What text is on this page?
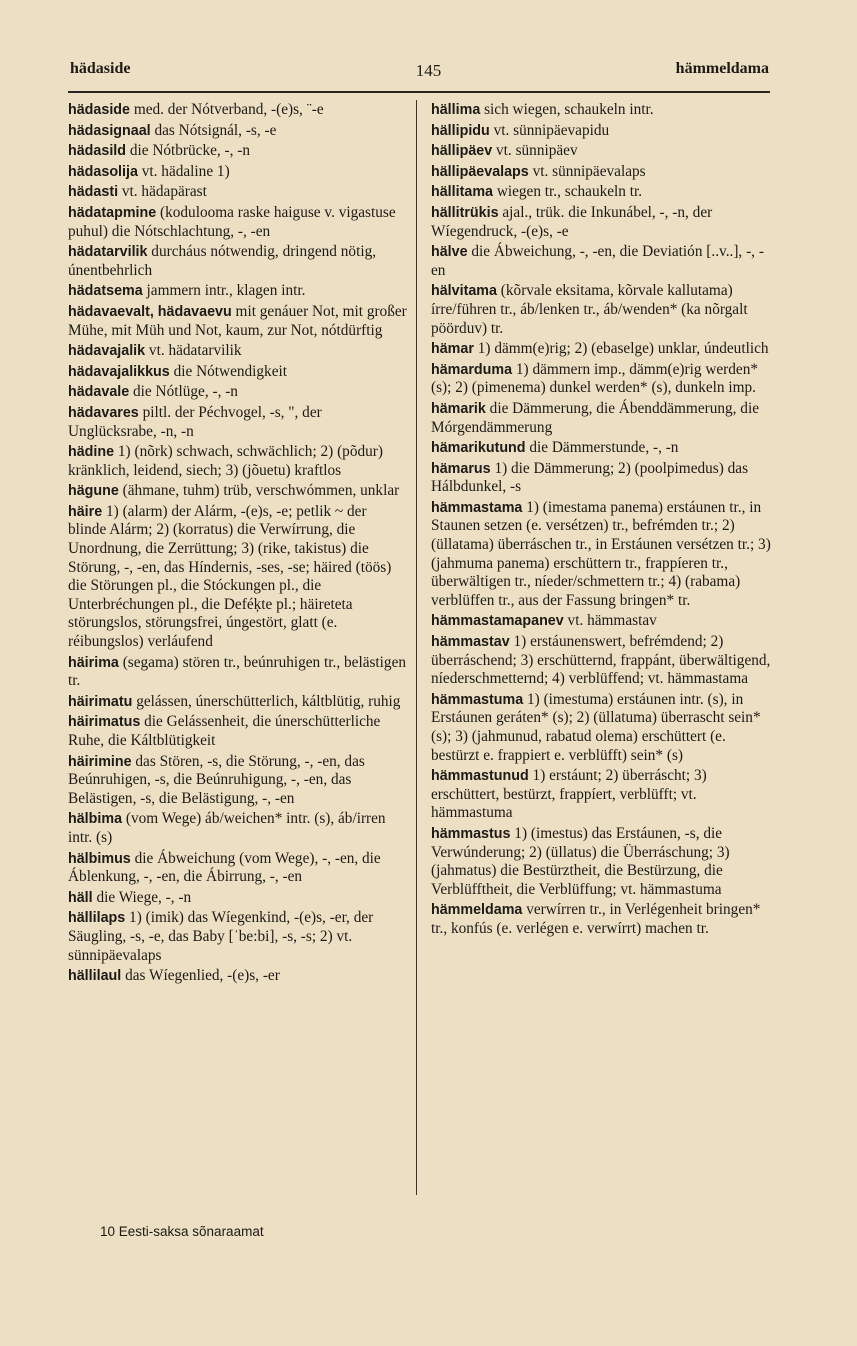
hädaside	145	hämmeldama
hädaside med. der Nótverband, -(e)s, ¨-e
hädasignaal das Nótsignál, -s, -e
hädasild die Nótbrücke, -, -n
hädasolija vt. hädaline 1)
hädasti vt. hädapärast
hädatapmine (kodulooma raske haiguse v. vigastuse puhul) die Nótschlachtung, -, -en
hädatarvilik durcháus nótwendig, dringend nötig, únentbehrlich
hädatsema jammern intr., klagen intr.
hädavaevalt, hädavaevu mit genáuer Not, mit großer Mühe, mit Müh und Not, kaum, zur Not, nótdürftig
hädavajalik vt. hädatarvilik
hädavajalikkus die Nótwendigkeit
hädavale die Nótlüge, -, -n
hädavares piltl. der Péchvogel, -s, ", der Unglücksrabe, -n, -n
hädine 1) (nõrk) schwach, schwächlich; 2) (põdur) kränklich, leidend, siech; 3) (jõuetu) kraftlos
hägune (ähmane, tuhm) trüb, verschwómmen, unklar
häire 1) (alarm) der Alárm, -(e)s, -e; petlik ~ der blinde Alárm; 2) (korratus) die Verwírrung, die Unordnung, die Zerrüttung; 3) (rike, takistus) die Störung, -, -en, das Híndernis, -ses, -se; häired (töös) die Störungen pl., die Stóckungen pl., die Unterbréchungen pl., die Deféķte pl.; häireteta störungslos, störungsfrei, úngestört, glatt (e. réibungslos) verláufend
häirima (segama) stören tr., beúnruhigen tr., belästigen tr.
häirimatu gelássen, únerschütterlich, káltblütig, ruhig
häirimatus die Gelássenheit, die únerschütterliche Ruhe, die Káltblütigkeit
häirimine das Stören, -s, die Störung, -, -en, das Beúnruhigen, -s, die Beúnruhigung, -, -en, das Belästigen, -s, die Belästigung, -, -en
hälbima (vom Wege) áb/weichen* intr. (s), áb/irren intr. (s)
hälbimus die Ábweichung (vom Wege), -, -en, die Áblenkung, -, -en, die Ábirrung, -, -en
häll die Wiege, -, -n
hällilaps 1) (imik) das Wíegenkind, -(e)s, -er, der Säugling, -s, -e, das Baby [ˈbe:bi], -s, -s; 2) vt. sünnipäevalaps
hällilaul das Wíegenlied, -(e)s, -er
hällima sich wiegen, schaukeln intr.
hällipidu vt. sünnipäevapidu
hällipäev vt. sünnipäev
hällipäevalaps vt. sünnipäevalaps
hällitama wiegen tr., schaukeln tr.
hällitrükis ajal., trük. die Inkunábel, -, -n, der Wíegendruck, -(e)s, -e
hälve die Ábweichung, -, -en, die Deviatión [..v..], -, -en
hälvitama (kõrvale eksitama, kõrvale kallutama) írre/führen tr., áb/lenken tr., áb/wenden* (ka nõrgalt pöörduv) tr.
hämar 1) dämm(e)rig; 2) (ebaselge) unklar, úndeutlich
hämarduma 1) dämmern imp., dämm(e)rig werden* (s); 2) (pimenema) dunkel werden* (s), dunkeln imp.
hämarik die Dämmerung, die Ábenddämmerung, die Mórgendämmerung
hämarikutund die Dämmerstunde, -, -n
hämarus 1) die Dämmerung; 2) (poolpimedus) das Hálbdunkel, -s
hämmastama 1) (imestama panema) erstáunen tr., in Staunen setzen (e. versétzen) tr., befrémden tr.; 2) (üllatama) überráschen tr., in Erstáunen versétzen tr.; 3) (jahmuma panema) erschüttern tr., frappíeren tr., überwältigen tr., níeder/schmettern tr.; 4) (rabama) verblüffen tr., aus der Fassung bringen* tr.
hämmastamapanev vt. hämmastav
hämmastav 1) erstáunenswert, befrémdend; 2) überráschend; 3) erschütternd, frappánt, überwältigend, níederschmetternd; 4) verblüffend; vt. hämmastama
hämmastuma 1) (imestuma) erstáunen intr. (s), in Erstáunen geráten* (s); 2) (üllatuma) überrascht sein* (s); 3) (jahmunud, rabatud olema) erschüttert (e. bestürzt e. frappiert e. verblüfft) sein* (s)
hämmastunud 1) erstáunt; 2) überráscht; 3) erschüttert, bestürzt, frappíert, verblüfft; vt. hämmastuma
hämmastus 1) (imestus) das Erstáunen, -s, die Verwúnderung; 2) (üllatus) die Überráschung; 3) (jahmatus) die Bestürztheit, die Bestürzung, die Verblüfftheit, die Verblüffung; vt. hämmastuma
hämmeldama verwírren tr., in Verlégenheit bringen* tr., konfús (e. verlégen e. verwírrt) machen tr.
10 Eesti-saksa sõnaraamat
